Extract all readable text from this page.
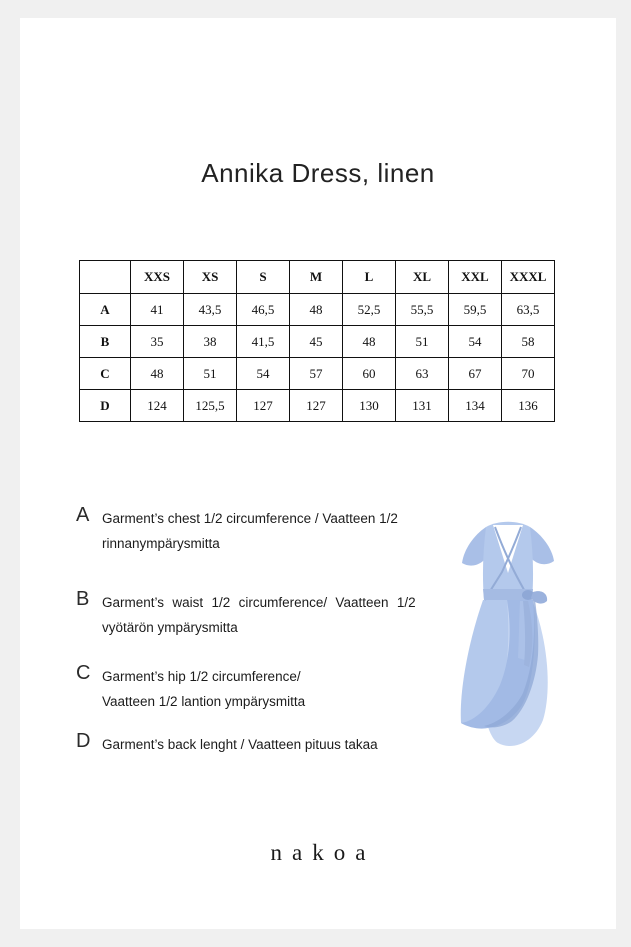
Annika Dress, linen
	XXS	XS	S	M	L	XL	XXL	XXXL
A	41	43,5	46,5	48	52,5	55,5	59,5	63,5
B	35	38	41,5	45	48	51	54	58
C	48	51	54	57	60	63	67	70
D	124	125,5	127	127	130	131	134	136
A Garment’s chest 1/2 circumference / Vaatteen 1/2
rinnanympärysmitta
B Garment’s waist 1/2 circumference/ Vaatteen 1/2
vyötärön ympärysmitta
C Garment’s hip 1/2 circumference/
Vaatteen 1/2 lantion ympärysmitta
D Garment’s back lenght / Vaatteen pituus takaa
nakoa
